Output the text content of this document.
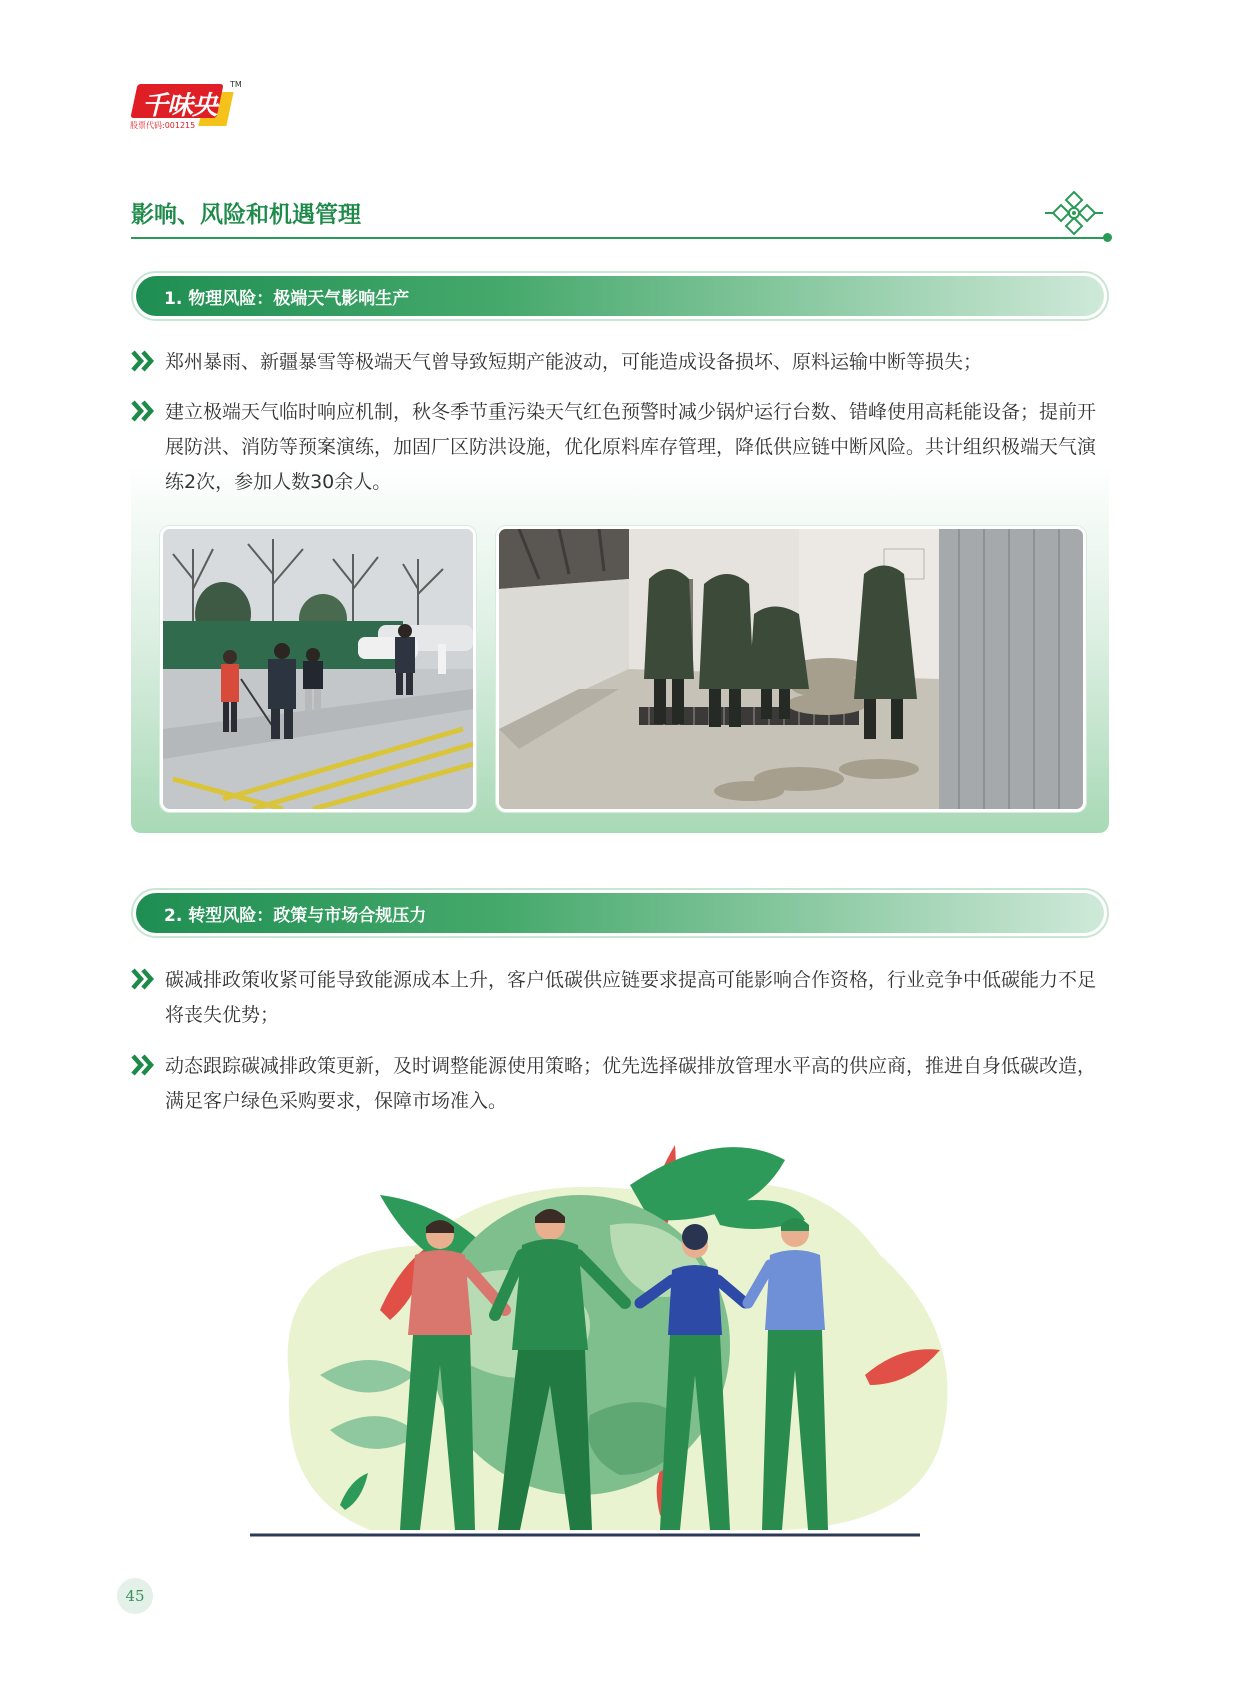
千味央厨
TM
股票代码:001215
影响、风险和机遇管理
1. 物理风险：极端天气影响生产
郑州暴雨、新疆暴雪等极端天气曾导致短期产能波动，可能造成设备损坏、原料运输中断等损失；
建立极端天气临时响应机制，秋冬季节重污染天气红色预警时减少锅炉运行台数、错峰使用高耗能设备；提前开展防洪、消防等预案演练，加固厂区防洪设施，优化原料库存管理，降低供应链中断风险。共计组织极端天气演练2次，参加人数30余人。
2. 转型风险：政策与市场合规压力
碳减排政策收紧可能导致能源成本上升，客户低碳供应链要求提高可能影响合作资格，行业竞争中低碳能力不足将丧失优势；
动态跟踪碳减排政策更新，及时调整能源使用策略；优先选择碳排放管理水平高的供应商，推进自身低碳改造，满足客户绿色采购要求，保障市场准入。
45
